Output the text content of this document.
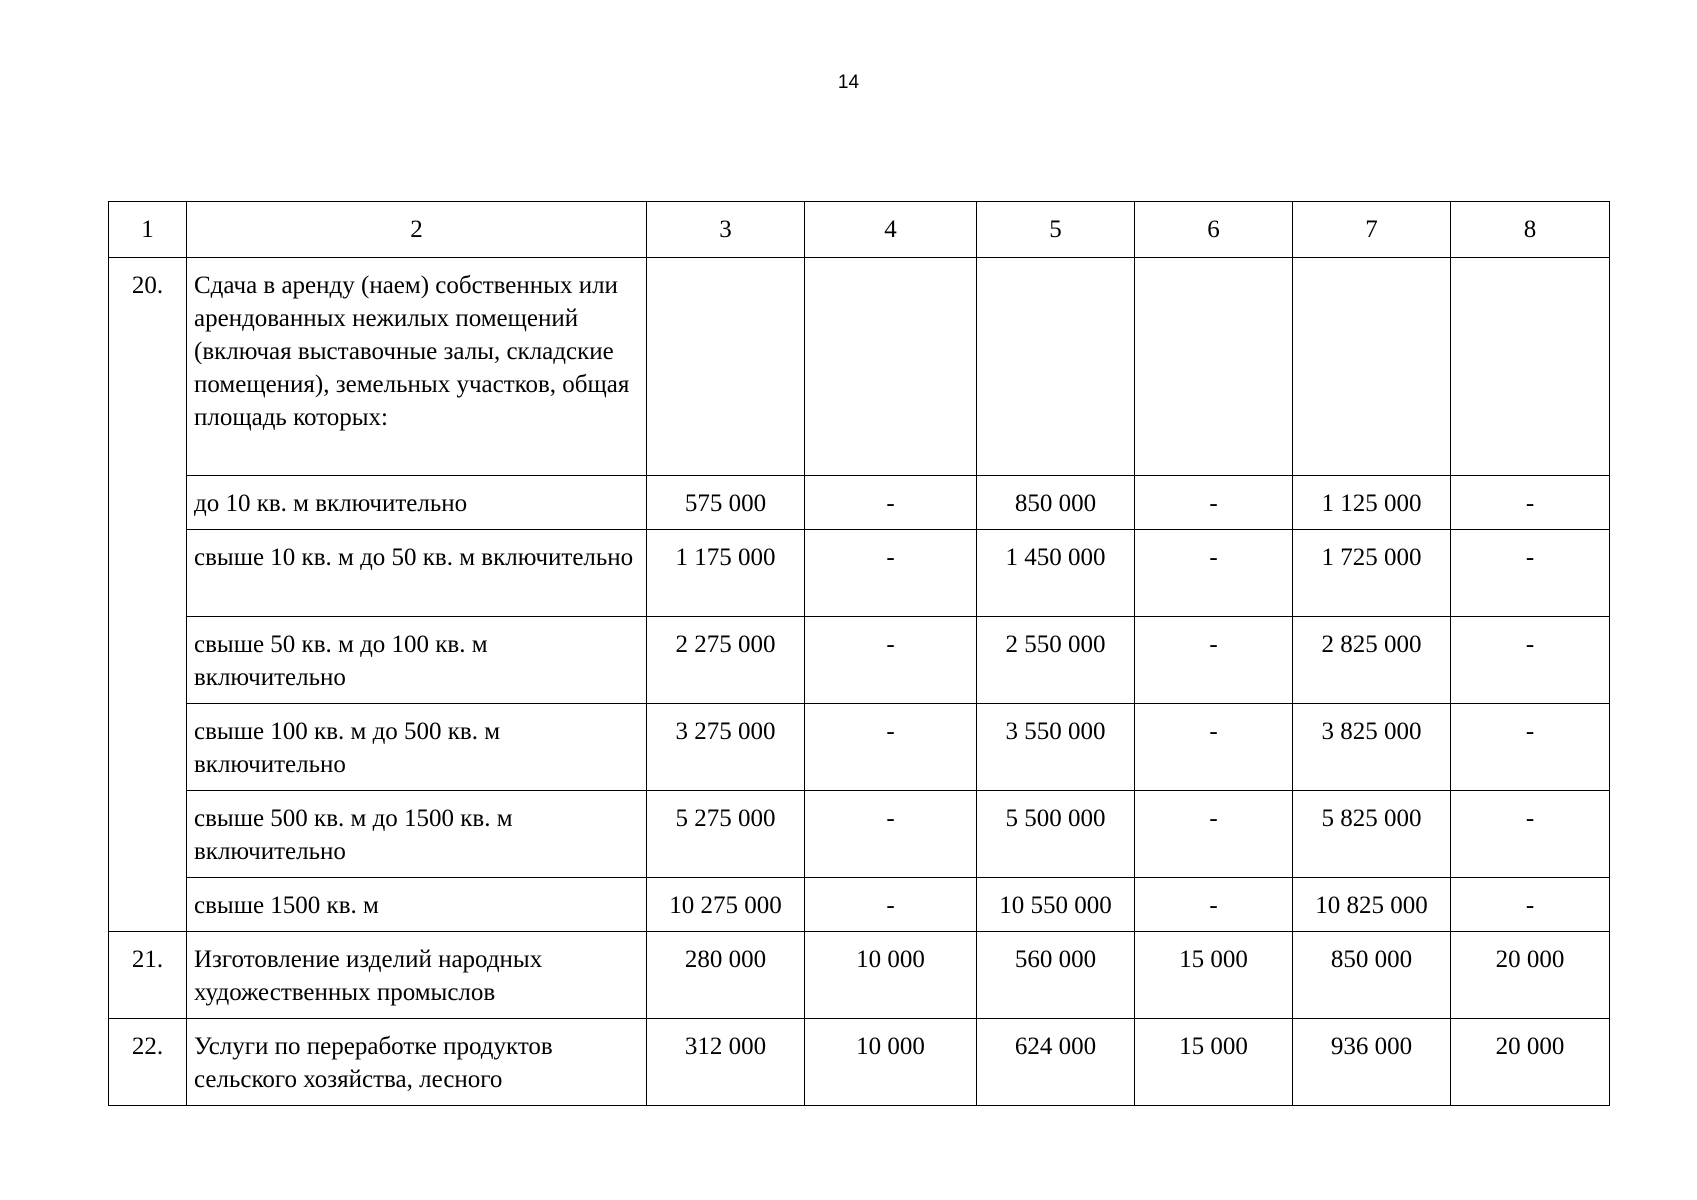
14
1	2	3	4	5	6	7	8
20.	Сдача в аренду (наем) собственных или арендованных нежилых помещений (включая выставочные залы, складские помещения), земельных участков, общая площадь которых:						
	до 10 кв. м включительно	575 000	-	850 000	-	1 125 000	-
	свыше 10 кв. м до 50 кв. м включительно	1 175 000	-	1 450 000	-	1 725 000	-
	свыше 50 кв. м до 100 кв. м включительно	2 275 000	-	2 550 000	-	2 825 000	-
	свыше 100 кв. м до 500 кв. м включительно	3 275 000	-	3 550 000	-	3 825 000	-
	свыше 500 кв. м до 1500 кв. м включительно	5 275 000	-	5 500 000	-	5 825 000	-
	свыше 1500 кв. м	10 275 000	-	10 550 000	-	10 825 000	-
21.	Изготовление изделий народных художественных промыслов	280 000	10 000	560 000	15 000	850 000	20 000
22.	Услуги по переработке продуктов сельского хозяйства, лесного	312 000	10 000	624 000	15 000	936 000	20 000
